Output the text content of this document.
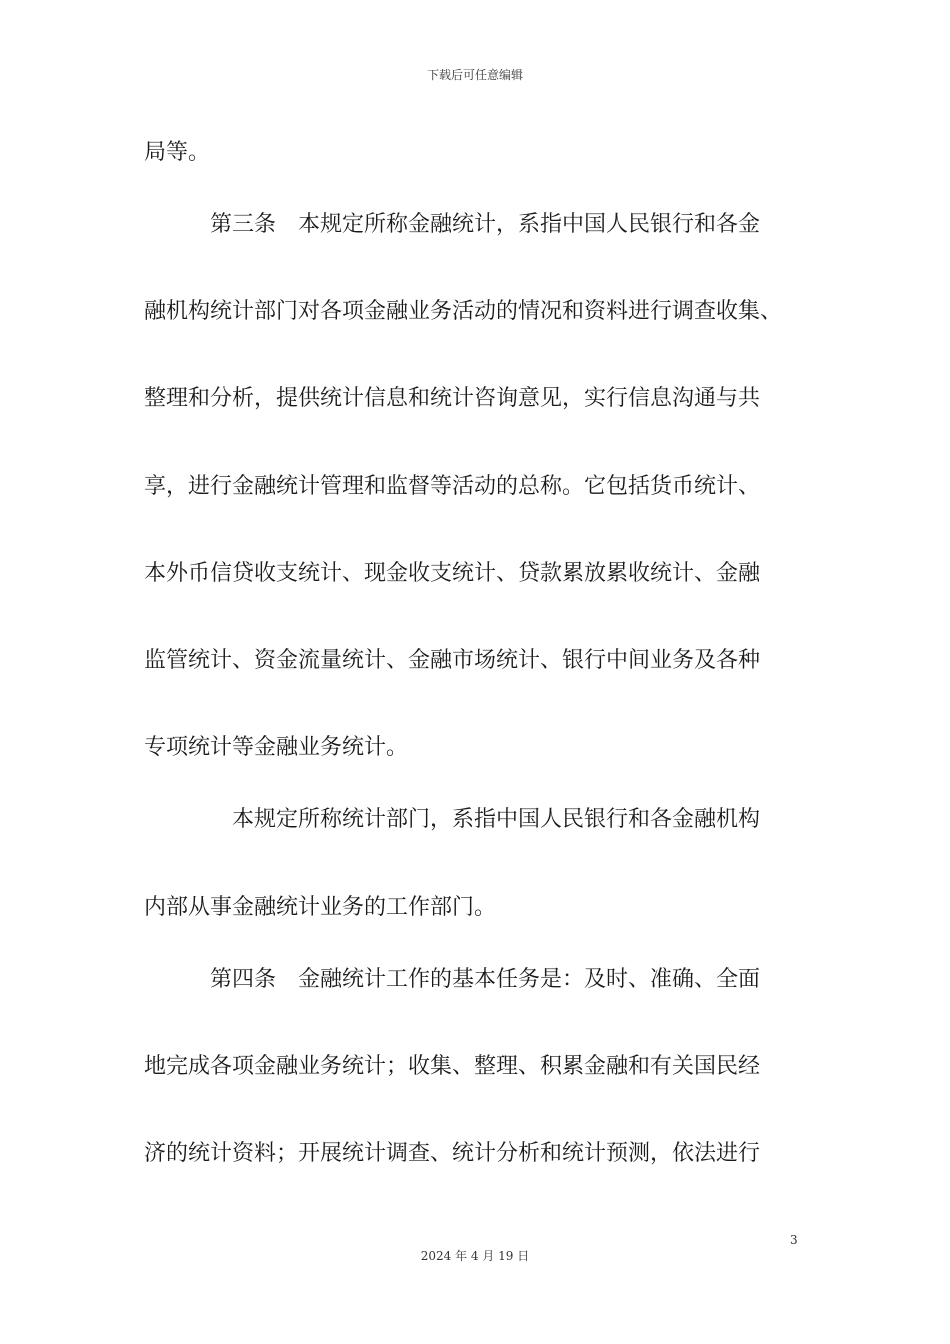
下载后可任意编辑
局等。
　　　第三条　本规定所称金融统计，系指中国人民银行和各金
融机构统计部门对各项金融业务活动的情况和资料进行调查收集、
整理和分析，提供统计信息和统计咨询意见，实行信息沟通与共
享，进行金融统计管理和监督等活动的总称。它包括货币统计、
本外币信贷收支统计、现金收支统计、贷款累放累收统计、金融
监管统计、资金流量统计、金融市场统计、银行中间业务及各种
专项统计等金融业务统计。
　　　　本规定所称统计部门，系指中国人民银行和各金融机构
内部从事金融统计业务的工作部门。
　　　第四条　金融统计工作的基本任务是：及时、准确、全面
地完成各项金融业务统计；收集、整理、积累金融和有关国民经
济的统计资料；开展统计调查、统计分析和统计预测，依法进行
3
2024 年 4 月 19 日
